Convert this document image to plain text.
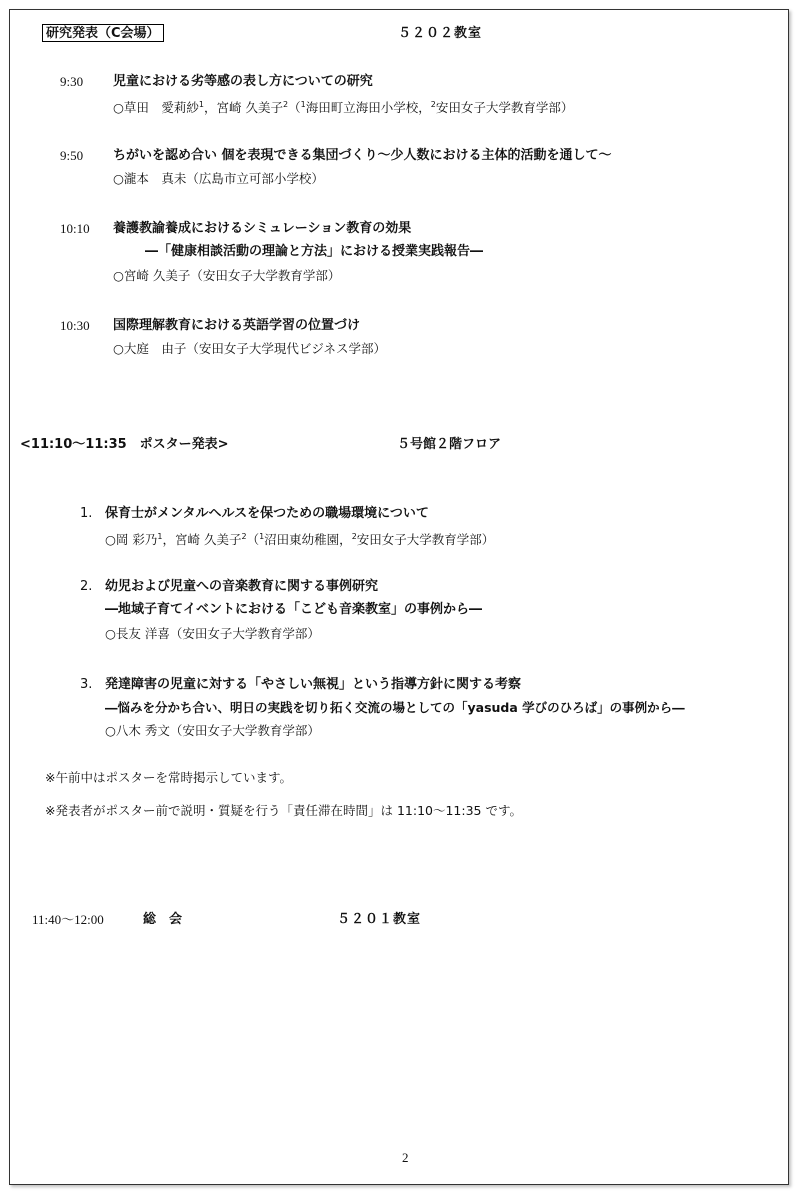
研究発表（C会場）	５２０２教室
9:30 児童における劣等感の表し方についての研究
○草田　愛莉紗$^1$，宮崎 久美子$^2$（$^1$海田町立海田小学校，$^2$安田女子大学教育学部）
9:50 ちがいを認め合い 個を表現できる集団づくり～少人数における主体的活動を通して～
○瀧本　真未（広島市立可部小学校）
10:10 養護教諭養成におけるシミュレーション教育の効果
―「健康相談活動の理論と方法」における授業実践報告―
○宮崎 久美子（安田女子大学教育学部）
10:30 国際理解教育における英語学習の位置づけ
○大庭　由子（安田女子大学現代ビジネス学部）
<11:10～11:35　ポスター発表>	５号館２階フロア
1. 保育士がメンタルヘルスを保つための職場環境について
○岡 彩乃$^1$，宮崎 久美子$^2$（$^1$沼田東幼稚園，$^2$安田女子大学教育学部）
2. 幼児および児童への音楽教育に関する事例研究
―地域子育てイベントにおける「こども音楽教室」の事例から―
○長友 洋喜（安田女子大学教育学部）
3. 発達障害の児童に対する「やさしい無視」という指導方針に関する考察
―悩みを分かち合い、明日の実践を切り拓く交流の場としての「yasuda 学びのひろば」の事例から―
○八木 秀文（安田女子大学教育学部）
※午前中はポスターを常時掲示しています。
※発表者がポスター前で説明・質疑を行う「責任滞在時間」は 11:10～11:35 です。
11:40～12:00	総　会	５２０１教室
2
